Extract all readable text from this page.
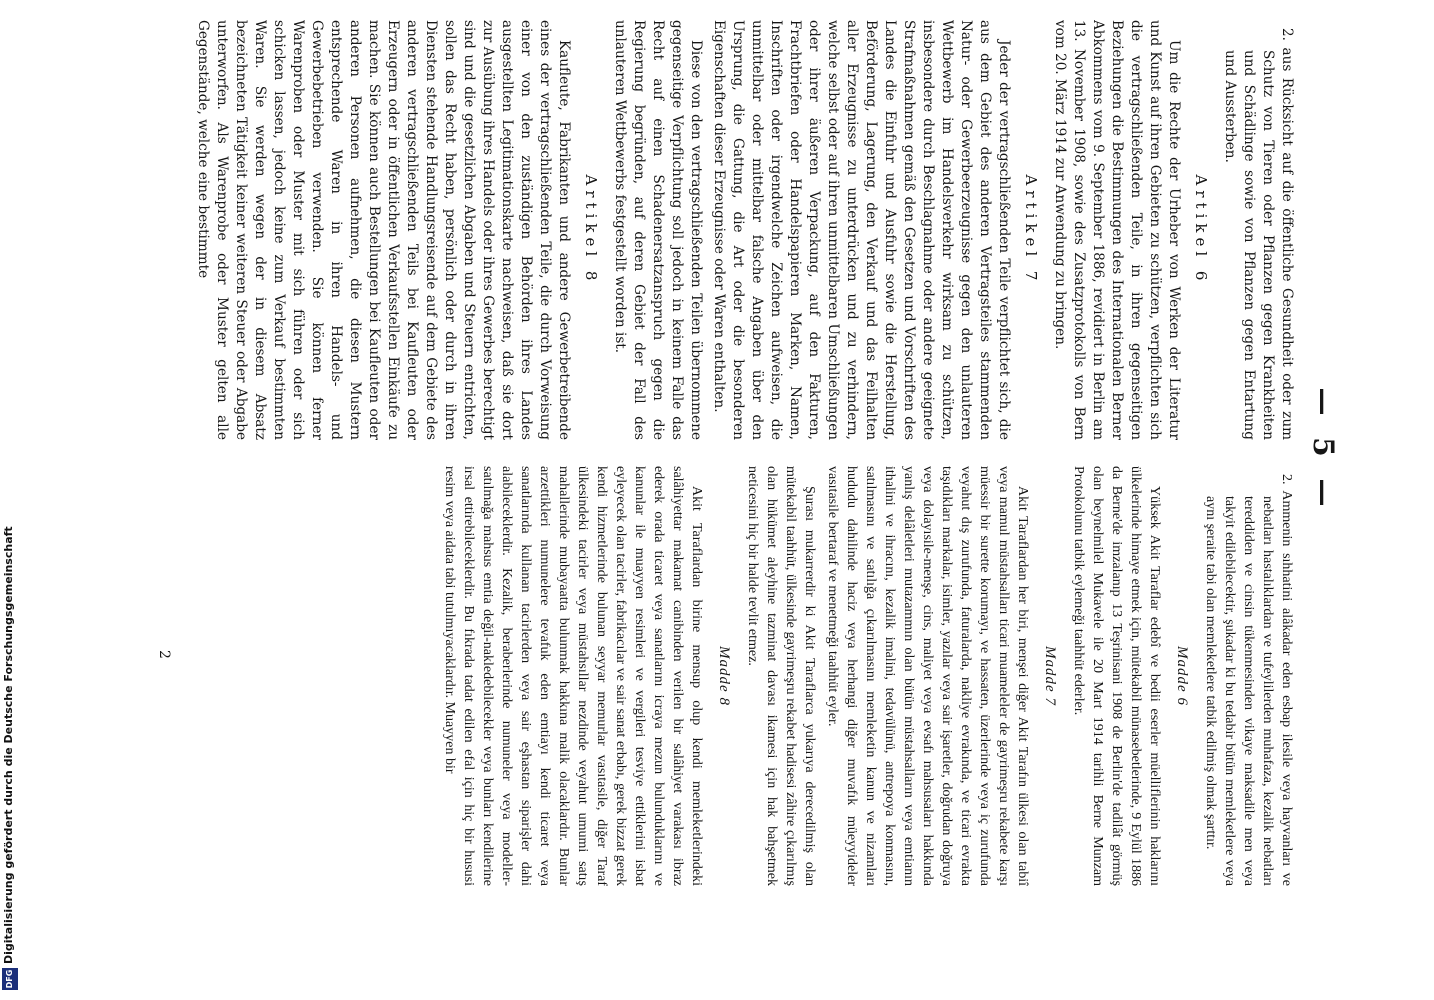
— 5 —

2. aus Rücksicht auf die öffentliche Gesundheit oder zum Schutz von Tieren oder Pflanzen gegen Krankheiten und Schädlinge sowie von Pflanzen gegen Entartung und Aussterben.

Artikel 6

Um die Rechte der Urheber von Werken der Literatur und Kunst auf ihren Gebieten zu schützen, verpflichten sich die vertragschließenden Teile, in ihren gegenseitigen Beziehungen die Bestimmungen des Internationalen Berner Abkommens vom 9. September 1886, revidiert in Berlin am 13. November 1908, sowie des Zusatzprotokolls von Bern vom 20. März 1914 zur Anwendung zu bringen.

Artikel 7

Jeder der vertragschließenden Teile verpflichtet sich, die aus dem Gebiet des anderen Vertragsteiles stammenden Natur- oder Gewerbeerzeugnisse gegen den unlauteren Wettbewerb im Handelsverkehr wirksam zu schützen, insbesondere durch Beschlagnahme oder andere geeignete Strafmaßnahmen gemäß den Gesetzen und Vorschriften des Landes die Einfuhr und Ausfuhr sowie die Herstellung, Beförderung, Lagerung, den Verkauf und das Feilhalten aller Erzeugnisse zu unterdrücken und zu verhindern, welche selbst oder auf ihren unmittelbaren Umschließungen oder ihrer äußeren Verpackung, auf den Fakturen, Frachtbriefen oder Handelspapieren Marken, Namen, Inschriften oder irgendwelche Zeichen aufweisen, die unmittelbar oder mittelbar falsche Angaben über den Ursprung, die Gattung, die Art oder die besonderen Eigenschaften dieser Erzeugnisse oder Waren enthalten.

Diese von den vertragschließenden Teilen übernommene gegenseitige Verpflichtung soll jedoch in keinem Falle das Recht auf einen Schadenersatzanspruch gegen die Regierung begründen, auf deren Gebiet der Fall des unlauteren Wettbewerbs festgestellt worden ist.

Artikel 8

Kaufleute, Fabrikanten und andere Gewerbetreibende eines der vertragschließenden Teile, die durch Vorweisung einer von den zuständigen Behörden ihres Landes ausgestellten Legitimationskarte nachweisen, daß sie dort zur Ausübung ihres Handels oder ihres Gewerbes berechtigt sind und die gesetzlichen Abgaben und Steuern entrichten, sollen das Recht haben, persönlich oder durch in ihren Diensten stehende Handlungsreisende auf dem Gebiete des anderen vertragschließenden Teils bei Kaufleuten oder Erzeugern oder in öffentlichen Verkaufsstellen Einkäufe zu machen. Sie können auch Bestellungen bei Kaufleuten oder anderen Personen aufnehmen, die diesen Mustern entsprechende Waren in ihren Handels- und Gewerbebetrieben verwenden. Sie können ferner Warenproben oder Muster mit sich führen oder sich schicken lassen, jedoch keine zum Verkauf bestimmten Waren. Sie werden wegen der in diesem Absatz bezeichneten Tätigkeit keiner weiteren Steuer oder Abgabe unterworfen. Als Warenprobe oder Muster gelten alle Gegenstände, welche eine bestimmte

2. Ammenin sıhhatini alâkadar eden esbap ilesile veya hayvanları ve nebatları hastalıklardan ve tufeylilerden muhafaza, kezalik nebatları tereddiden ve cinsin tükenmesinden vikaye maksadile men veya takyit edilebilecektir, şukadar ki bu tedabir bütün memleketlere veya aynı şeraite tabi olan memleketlere tatbik edilmiş olmak şarttır.

Madde 6

Yüksek Akit Taraflar edebî ve bedii eserler müelliflerinin haklarını ülkelerinde himaye etmek için, mütekabil münasebetlerinde, 9 Eylül 1886 da Berne'de imzalanıp 13 Teşrinisani 1908 de Berlin'de tadilât görmüş olan beynelmilel Mukavele ile 20 Mart 1914 tarihli Berne Munzam Protokolunu tatbik eylemeği taahhüt ederler.

Madde 7

Akit Taraflardan her biri, menşei diğer Akit Tarafın ülkesi olan tabiî veya mamul müstahsalları ticari muameleler de gayrimeşru rekabete karşı müessir bir surette korumayı, ve hassaten, üzerlerinde veya iç zurufunda veyahut dış zurufunda, faturalarda, nakliye evrakında, ve ticari evrakta taşıdıkları markalar, isimler, yazılar veya sair işaretler, doğrudan doğruya veya dolayısile-menşe, cins, maliyet veya evsafı mahsusaları hakkında yanlış delâletleri mutazammın olan bütün müstahsalların veya emtianın ithalini ve ihracını, kezalik imalini, tedavülünü, antrepoya konmasını, satılmasını ve satılığa çıkarılmasını memleketin kanun ve nizamları hududu dahilinde haciz veya herhangi diğer muvafık müeyyideler vasıtasile bertaraf ve menetmeği taahhüt eyler.

Şurası mukarrerdir ki Akit Taraflarca yukarıya derecedilmiş olan mütekabil taahhüt, ülkesinde gayrimeşru rekabet hadisesi zâhire çıkarılmış olan hükümet aleyhine tazminat davası ikamesi için hak bahşetmek neticesini hiç bir halde tevlit etmez.

Madde 8

Akit Taraflardan birine mensup olup kendi memleketlerindeki salâhiyettar makamat canibinden verilen bir salâhiyet varakası ibraz ederek orada ticaret veya sanatlarını icraya mezun bulunduklarını ve kanunlar ile muayyen resimleri ve vergileri tesviye ettiklerini isbat eyleyecek olan tacirler, fabrikacılar ve sair sanat erbabı, gerek bizzat gerek kendi hizmetlerinde bulunan seyyar memurlar vasıtasile, diğer Taraf ülkesindeki tacirler veya müstahsıllar nezdinde veyahut umumi satış mahallerinde mubayaatta bulunmak hakkına malik olacaklardır. Bunlar arzettikleri numunelere tevafuk eden emtiayı kendi ticaret veya sanatlarında kullanan tacirlerden veya sair eşhastan siparişler dahi alabileceklerdir. Kezalik, beraberlerinde numuneler veya modeller-satılmağa mahsus emtia değil-nakledebilecekler veya bunları kendilerine irsal ettirebileceklerdir. Bu fıkrada tadat edilen efal için hiç bir hususi resim veya aidata tabi tutulmıyacaklardır. Muayyen bir

2
DFG
Digitalisierung gefördert durch die Deutsche Forschungsgemeinschaft
